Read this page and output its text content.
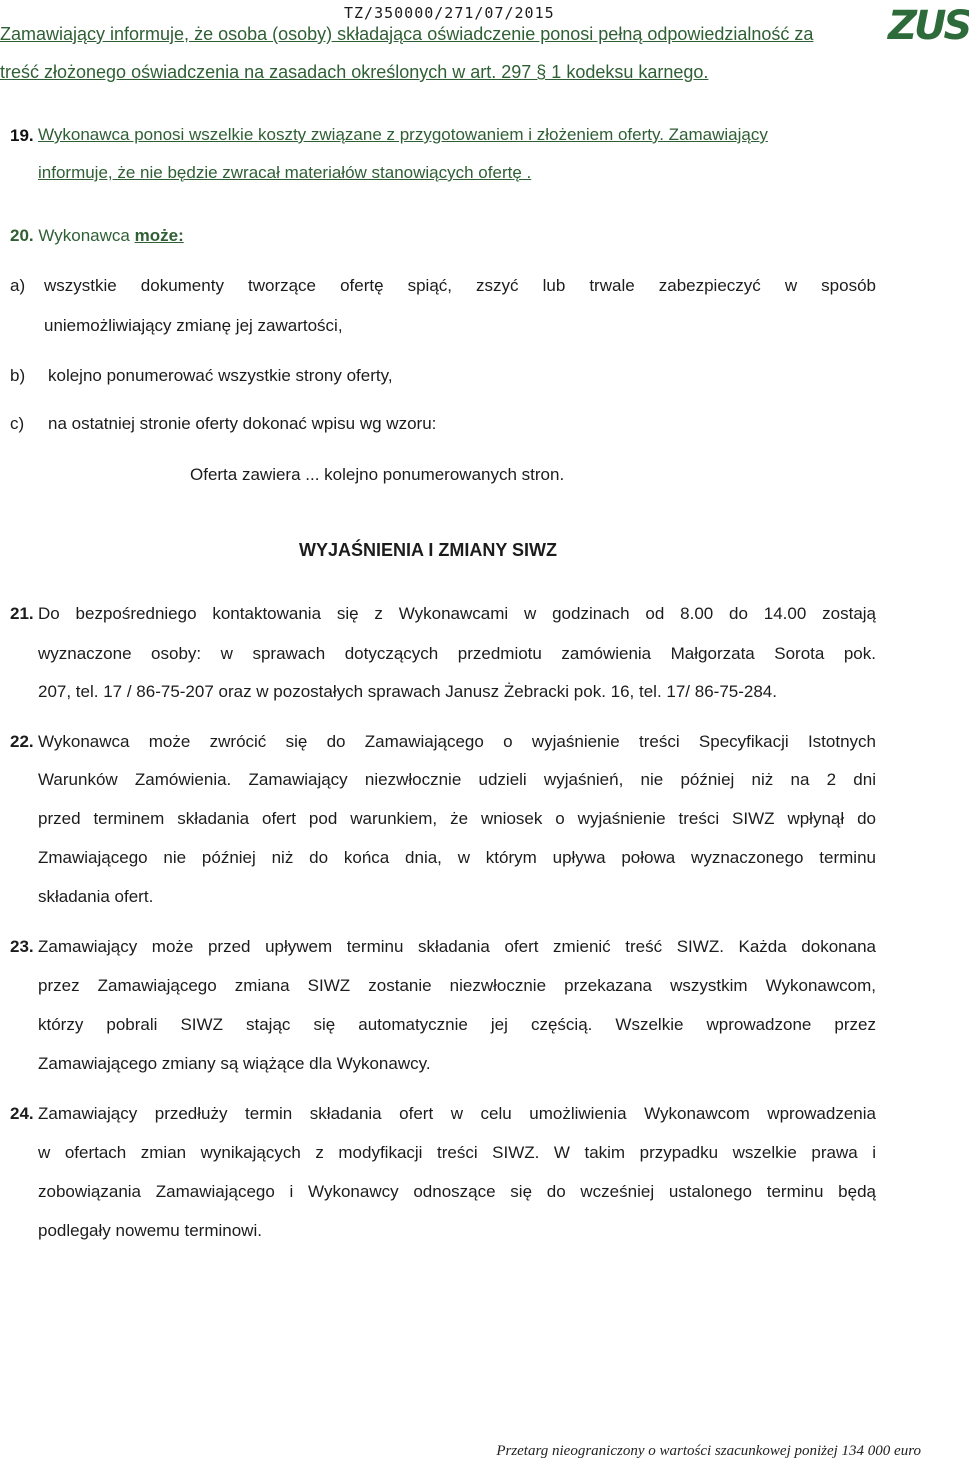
TZ/350000/271/07/2015
Zamawiający informuje, że osoba (osoby) składająca oświadczenie ponosi pełną odpowiedzialność za
treść złożonego oświadczenia na zasadach określonych w art. 297 § 1 kodeksu karnego.
ZUS
19. Wykonawca ponosi wszelkie koszty związane z przygotowaniem i złożeniem oferty. Zamawiający
informuje, że nie będzie zwracał materiałów stanowiących ofertę .
20. Wykonawca może:
a) wszystkie dokumenty tworzące ofertę spiąć, zszyć lub trwale zabezpieczyć w sposób
uniemożliwiający zmianę jej zawartości,
b) kolejno ponumerować wszystkie strony oferty,
c) na ostatniej stronie oferty dokonać wpisu wg wzoru:
Oferta zawiera ... kolejno ponumerowanych stron.
WYJAŚNIENIA I ZMIANY SIWZ
21. Do bezpośredniego kontaktowania się z Wykonawcami w godzinach od 8.00 do 14.00 zostają
wyznaczone osoby: w sprawach dotyczących przedmiotu zamówienia Małgorzata Sorota pok.
207, tel. 17 / 86-75-207 oraz w pozostałych sprawach Janusz Żebracki pok. 16, tel. 17/ 86-75-284.
22. Wykonawca może zwrócić się do Zamawiającego o wyjaśnienie treści Specyfikacji Istotnych
Warunków Zamówienia. Zamawiający niezwłocznie udzieli wyjaśnień, nie później niż na 2 dni
przed terminem składania ofert pod warunkiem, że wniosek o wyjaśnienie treści SIWZ wpłynął do
Zmawiającego nie później niż do końca dnia, w którym upływa połowa wyznaczonego terminu
składania ofert.
23. Zamawiający może przed upływem terminu składania ofert zmienić treść SIWZ. Każda dokonana
przez Zamawiającego zmiana SIWZ zostanie niezwłocznie przekazana wszystkim Wykonawcom,
którzy pobrali SIWZ stając się automatycznie jej częścią. Wszelkie wprowadzone przez
Zamawiającego zmiany są wiążące dla Wykonawcy.
24. Zamawiający przedłuży termin składania ofert w celu umożliwienia Wykonawcom wprowadzenia
w ofertach zmian wynikających z modyfikacji treści SIWZ. W takim przypadku wszelkie prawa i
zobowiązania Zamawiającego i Wykonawcy odnoszące się do wcześniej ustalonego terminu będą
podlegały nowemu terminowi.
Przetarg nieograniczony o wartości szacunkowej poniżej 134 000 euro
